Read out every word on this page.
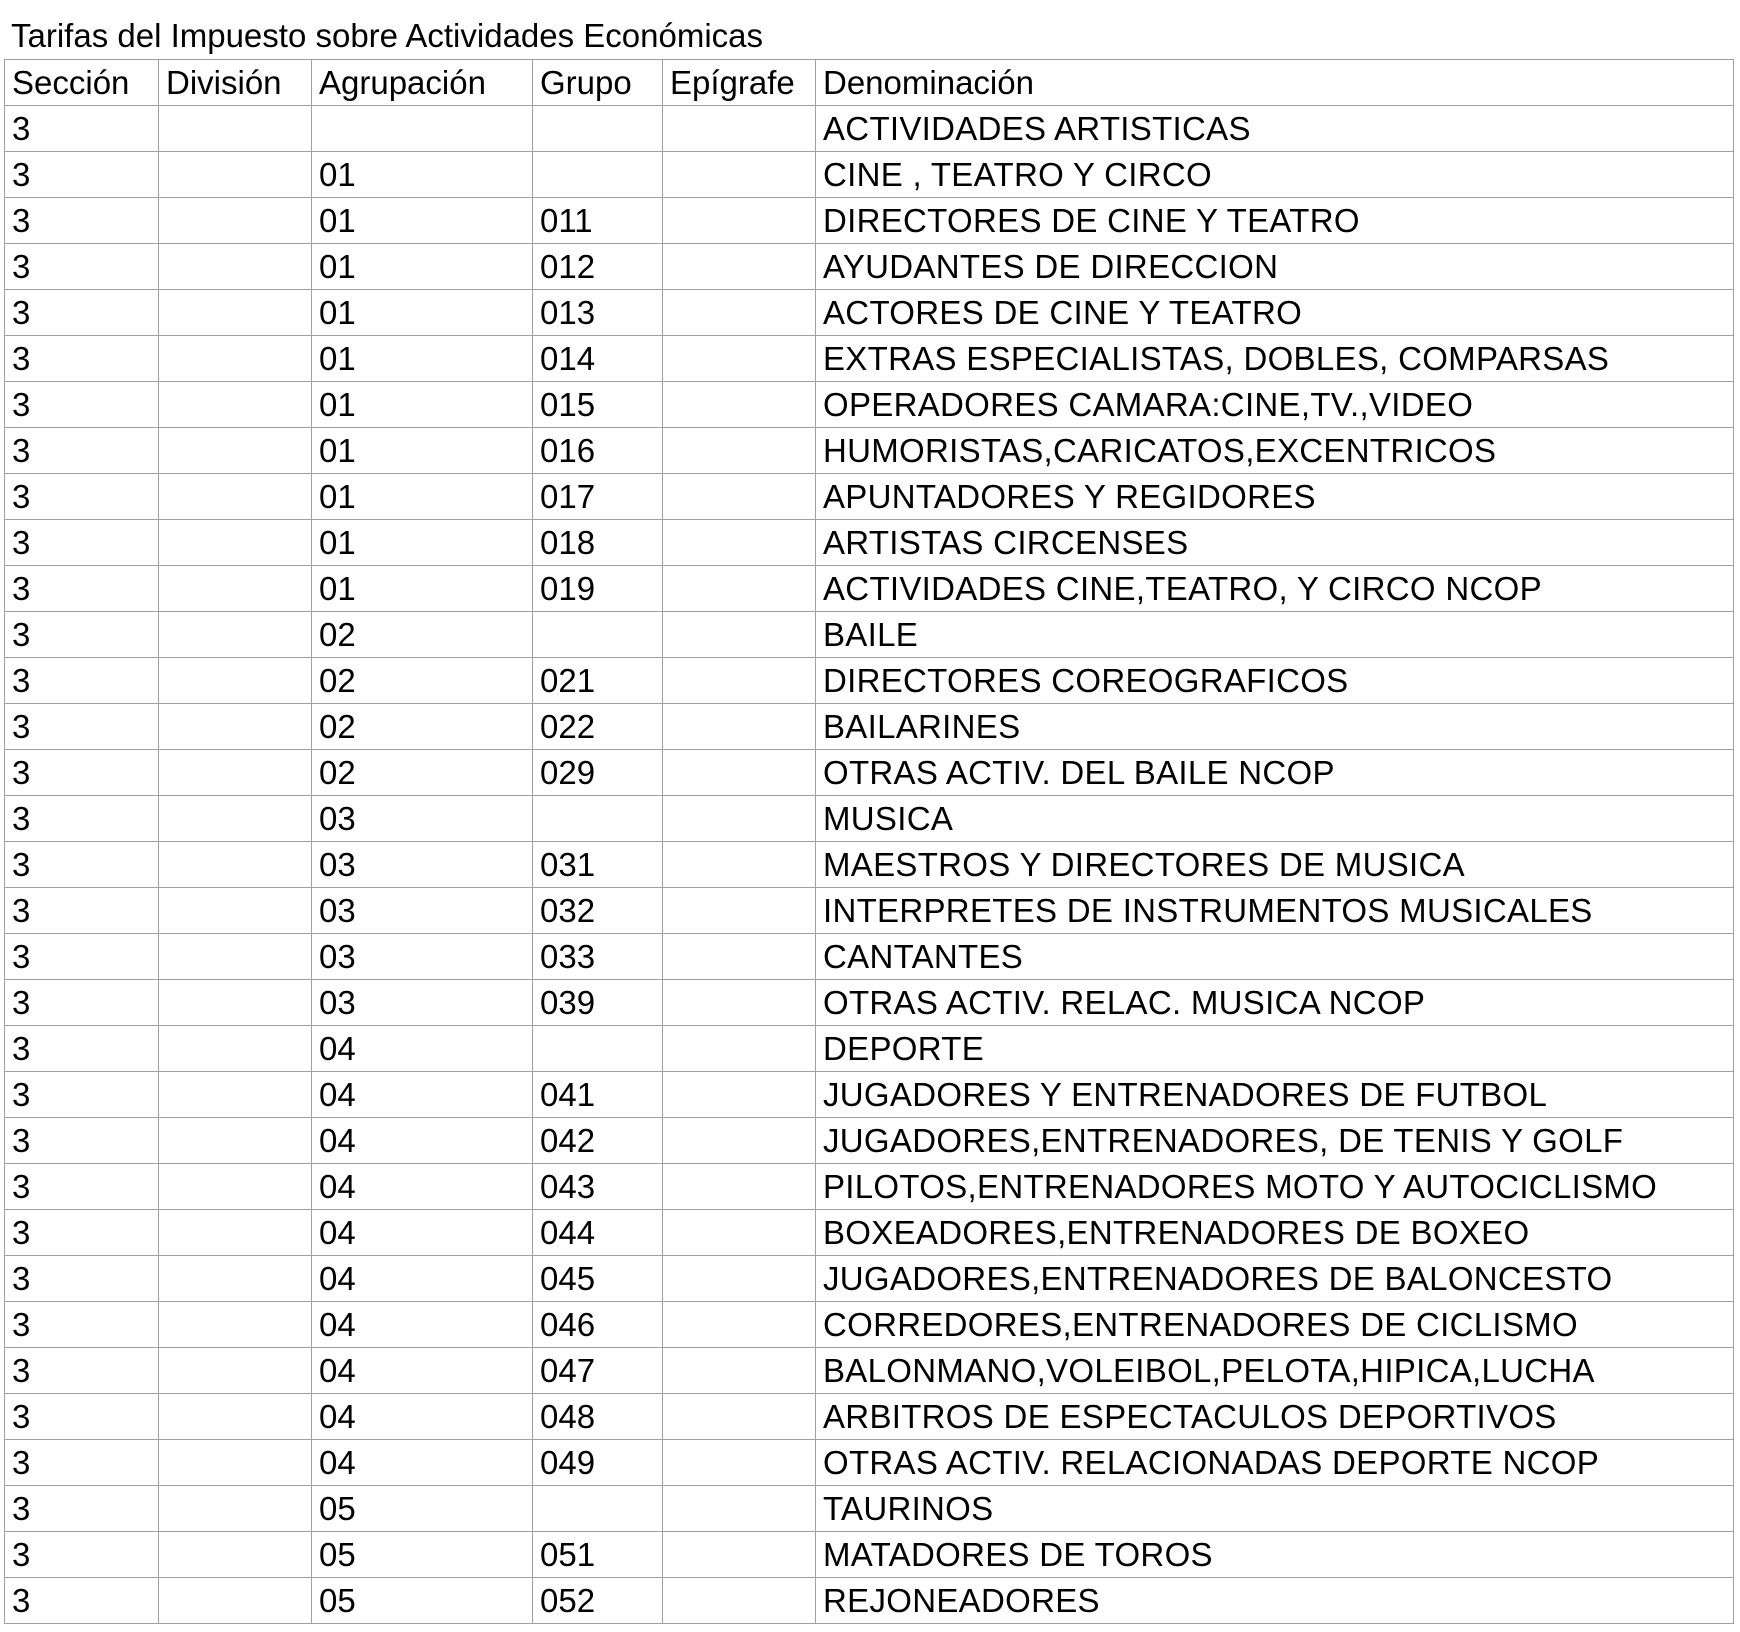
Tarifas del Impuesto sobre Actividades Económicas
Sección	División	Agrupación	Grupo	Epígrafe	Denominación
3					ACTIVIDADES ARTISTICAS
3		01			CINE , TEATRO Y CIRCO
3		01	011		DIRECTORES DE CINE Y TEATRO
3		01	012		AYUDANTES DE DIRECCION
3		01	013		ACTORES DE CINE Y TEATRO
3		01	014		EXTRAS ESPECIALISTAS, DOBLES, COMPARSAS
3		01	015		OPERADORES CAMARA:CINE,TV.,VIDEO
3		01	016		HUMORISTAS,CARICATOS,EXCENTRICOS
3		01	017		APUNTADORES Y REGIDORES
3		01	018		ARTISTAS CIRCENSES
3		01	019		ACTIVIDADES CINE,TEATRO, Y CIRCO NCOP
3		02			BAILE
3		02	021		DIRECTORES COREOGRAFICOS
3		02	022		BAILARINES
3		02	029		OTRAS ACTIV. DEL BAILE NCOP
3		03			MUSICA
3		03	031		MAESTROS Y DIRECTORES DE MUSICA
3		03	032		INTERPRETES DE INSTRUMENTOS MUSICALES
3		03	033		CANTANTES
3		03	039		OTRAS ACTIV. RELAC. MUSICA NCOP
3		04			DEPORTE
3		04	041		JUGADORES Y ENTRENADORES DE FUTBOL
3		04	042		JUGADORES,ENTRENADORES, DE TENIS Y GOLF
3		04	043		PILOTOS,ENTRENADORES MOTO Y AUTOCICLISMO
3		04	044		BOXEADORES,ENTRENADORES DE BOXEO
3		04	045		JUGADORES,ENTRENADORES DE BALONCESTO
3		04	046		CORREDORES,ENTRENADORES DE CICLISMO
3		04	047		BALONMANO,VOLEIBOL,PELOTA,HIPICA,LUCHA
3		04	048		ARBITROS DE ESPECTACULOS DEPORTIVOS
3		04	049		OTRAS ACTIV. RELACIONADAS DEPORTE NCOP
3		05			TAURINOS
3		05	051		MATADORES DE TOROS
3		05	052		REJONEADORES
